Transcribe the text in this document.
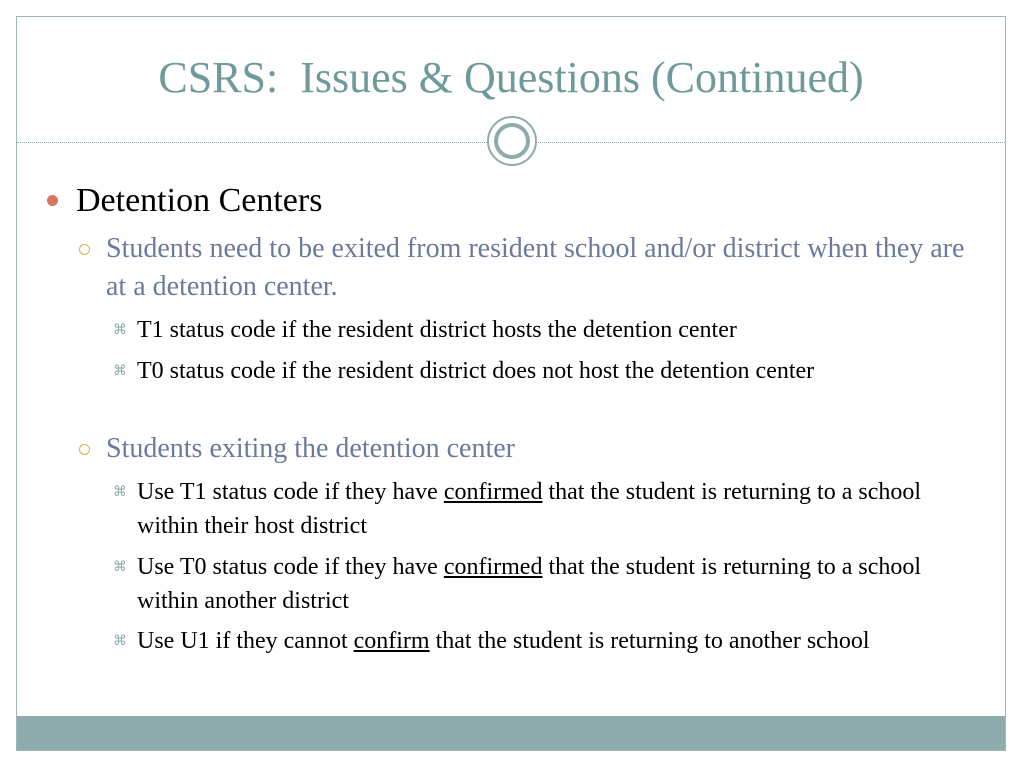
CSRS:  Issues & Questions (Continued)
Detention Centers
Students need to be exited from resident school and/or district when they are at a detention center.
⌘ T1 status code if the resident district hosts the detention center
⌘ T0 status code if the resident district does not host the detention center
Students exiting the detention center
⌘ Use T1 status code if they have confirmed that the student is returning to a school within their host district
⌘ Use T0 status code if they have confirmed that the student is returning to a school within another district
⌘ Use U1 if they cannot confirm that the student is returning to another school
